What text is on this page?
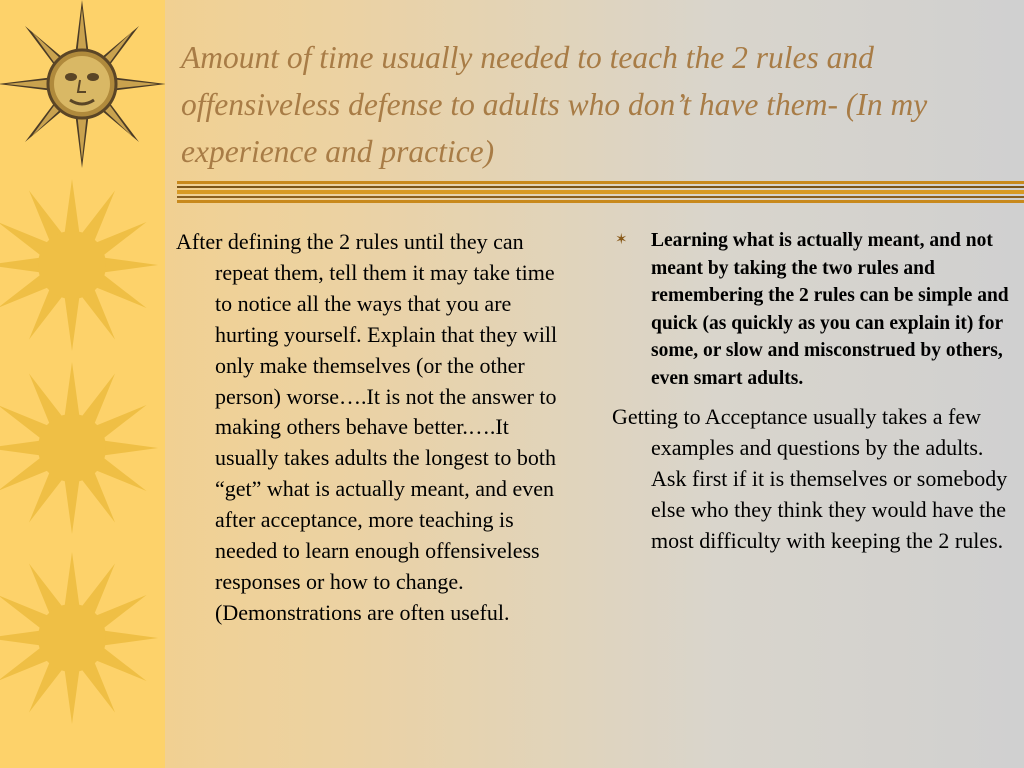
Amount of time usually needed to teach the 2 rules and offensiveless defense to adults who don’t have them- (In my experience and practice)

After defining the 2 rules until they can repeat them, tell them it may take time to notice all the ways that you are hurting yourself. Explain that they will only make themselves (or the other person) worse….It is not the answer to making others behave better.….It usually takes adults the longest to both “get” what is actually meant, and even after acceptance, more teaching is needed to learn enough offensiveless responses or how to change. (Demonstrations are often useful.

✶ Learning what is actually meant, and not meant by taking the two rules and remembering the 2 rules can be simple and quick (as quickly as you can explain it) for some, or slow and misconstrued by others, even smart adults.

Getting to Acceptance usually takes a few examples and questions by the adults. Ask first if it is themselves or somebody else who they think they would have the most difficulty with keeping the 2 rules.
